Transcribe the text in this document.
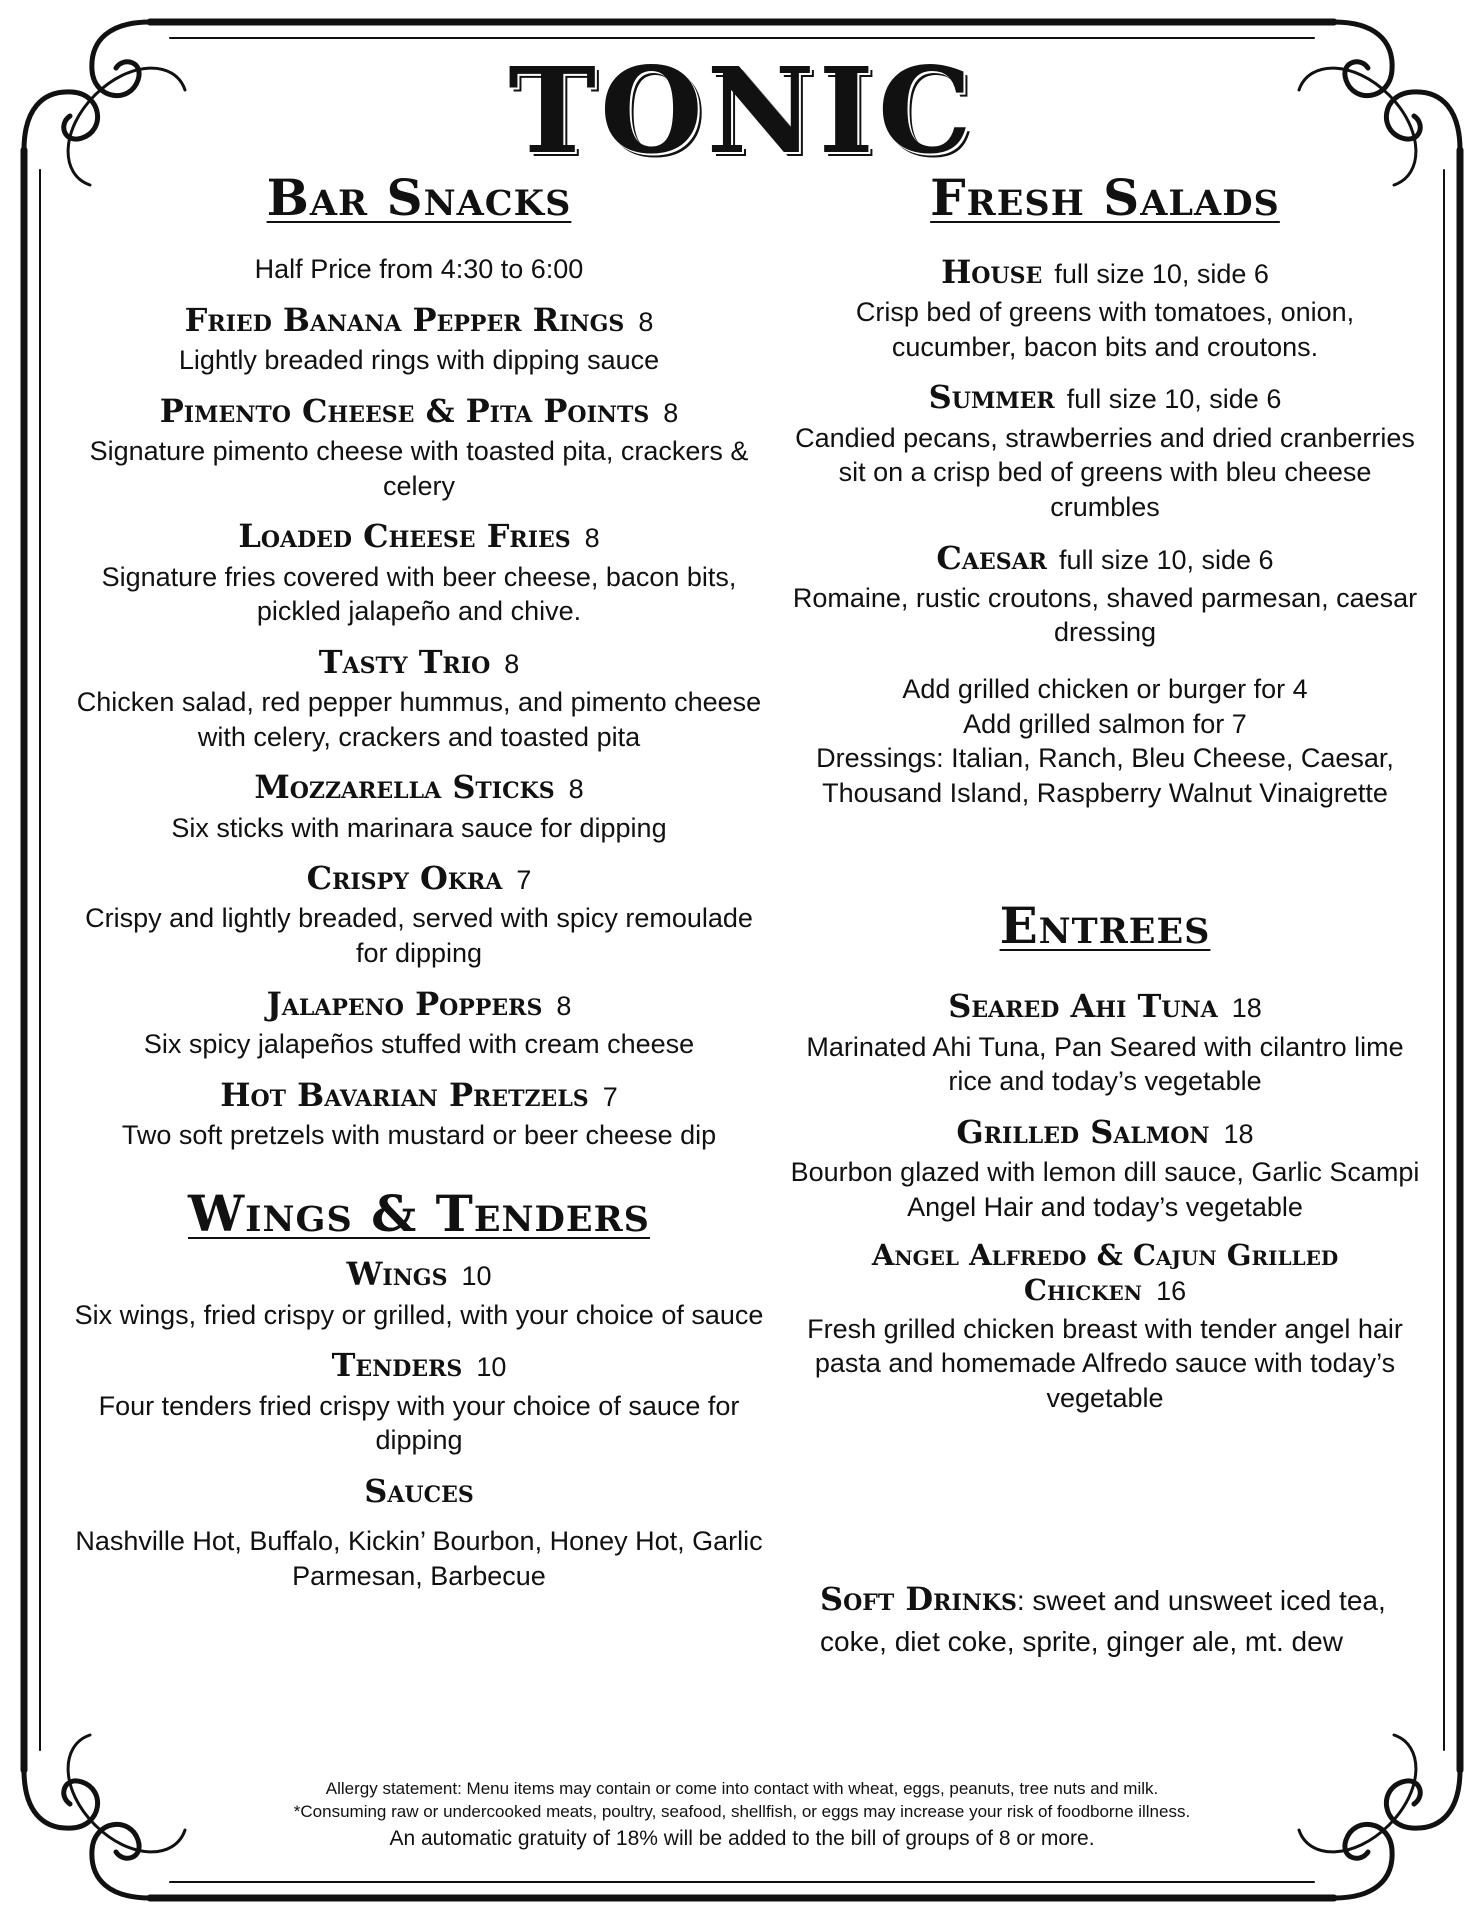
TONIC
Bar Snacks
Half Price from 4:30 to 6:00
Fried Banana Pepper Rings 8
Lightly breaded rings with dipping sauce
Pimento Cheese & Pita Points 8
Signature pimento cheese with toasted pita, crackers & celery
Loaded Cheese Fries 8
Signature fries covered with beer cheese, bacon bits, pickled jalapeño and chive.
Tasty Trio 8
Chicken salad, red pepper hummus, and pimento cheese with celery, crackers and toasted pita
Mozzarella Sticks 8
Six sticks with marinara sauce for dipping
Crispy Okra 7
Crispy and lightly breaded, served with spicy remoulade for dipping
Jalapeno Poppers 8
Six spicy jalapeños stuffed with cream cheese
Hot Bavarian Pretzels 7
Two soft pretzels with mustard or beer cheese dip
Wings & Tenders
Wings 10
Six wings, fried crispy or grilled, with your choice of sauce
Tenders 10
Four tenders fried crispy with your choice of sauce for dipping
Sauces
Nashville Hot, Buffalo, Kickin’ Bourbon, Honey Hot, Garlic Parmesan, Barbecue
Fresh Salads
House full size 10, side 6
Crisp bed of greens with tomatoes, onion, cucumber, bacon bits and croutons.
Summer full size 10, side 6
Candied pecans, strawberries and dried cranberries sit on a crisp bed of greens with bleu cheese crumbles
Caesar full size 10, side 6
Romaine, rustic croutons, shaved parmesan, caesar dressing
Add grilled chicken or burger for 4
Add grilled salmon for 7
Dressings: Italian, Ranch, Bleu Cheese, Caesar, Thousand Island, Raspberry Walnut Vinaigrette
Entrees
Seared Ahi Tuna 18
Marinated Ahi Tuna, Pan Seared with cilantro lime rice and today’s vegetable
Grilled Salmon 18
Bourbon glazed with lemon dill sauce, Garlic Scampi Angel Hair and today’s vegetable
Angel Alfredo & Cajun Grilled Chicken 16
Fresh grilled chicken breast with tender angel hair pasta and homemade Alfredo sauce with today’s vegetable
Soft Drinks: sweet and unsweet iced tea, coke, diet coke, sprite, ginger ale, mt. dew
Allergy statement: Menu items may contain or come into contact with wheat, eggs, peanuts, tree nuts and milk.
*Consuming raw or undercooked meats, poultry, seafood, shellfish, or eggs may increase your risk of foodborne illness.
An automatic gratuity of 18% will be added to the bill of groups of 8 or more.
